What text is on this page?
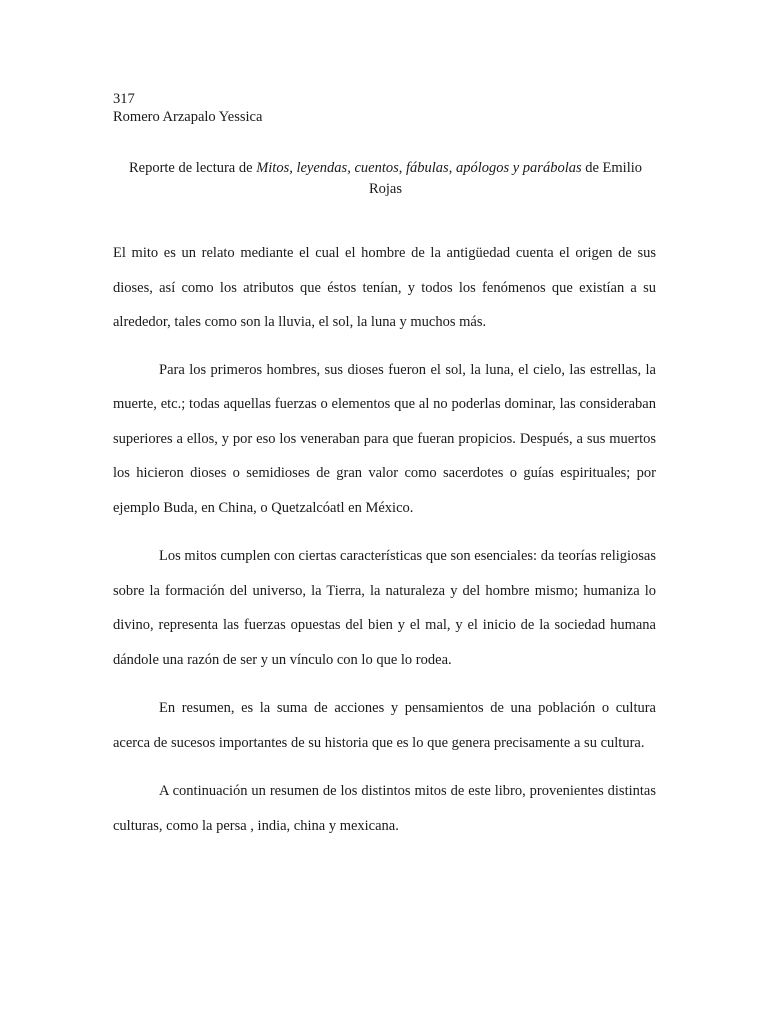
317
Romero Arzapalo Yessica
Reporte de lectura de Mitos, leyendas, cuentos, fábulas, apólogos y parábolas de Emilio Rojas

El mito es un relato mediante el cual el hombre de la antigüedad cuenta el origen de sus dioses, así como los atributos que éstos tenían, y todos los fenómenos que existían a su alrededor, tales como son la lluvia, el sol, la luna y muchos más.

Para los primeros hombres, sus dioses fueron el sol, la luna, el cielo, las estrellas, la muerte, etc.; todas aquellas fuerzas o elementos que al no poderlas dominar, las consideraban superiores a ellos, y por eso los veneraban para que fueran propicios. Después, a sus muertos los hicieron dioses o semidioses de gran valor como sacerdotes o guías espirituales; por ejemplo Buda, en China, o Quetzalcóatl en México.

Los mitos cumplen con ciertas características que son esenciales: da teorías religiosas sobre la formación del universo, la Tierra, la naturaleza y del hombre mismo; humaniza lo divino, representa las fuerzas opuestas del bien y el mal, y el inicio de la sociedad humana dándole una razón de ser y un vínculo con lo que lo rodea.

En resumen, es la suma de acciones y pensamientos de una población o cultura acerca de sucesos importantes de su historia que es lo que genera precisamente a su cultura.

A continuación un resumen de los distintos mitos de este libro, provenientes distintas culturas, como la persa , india, china y mexicana.
